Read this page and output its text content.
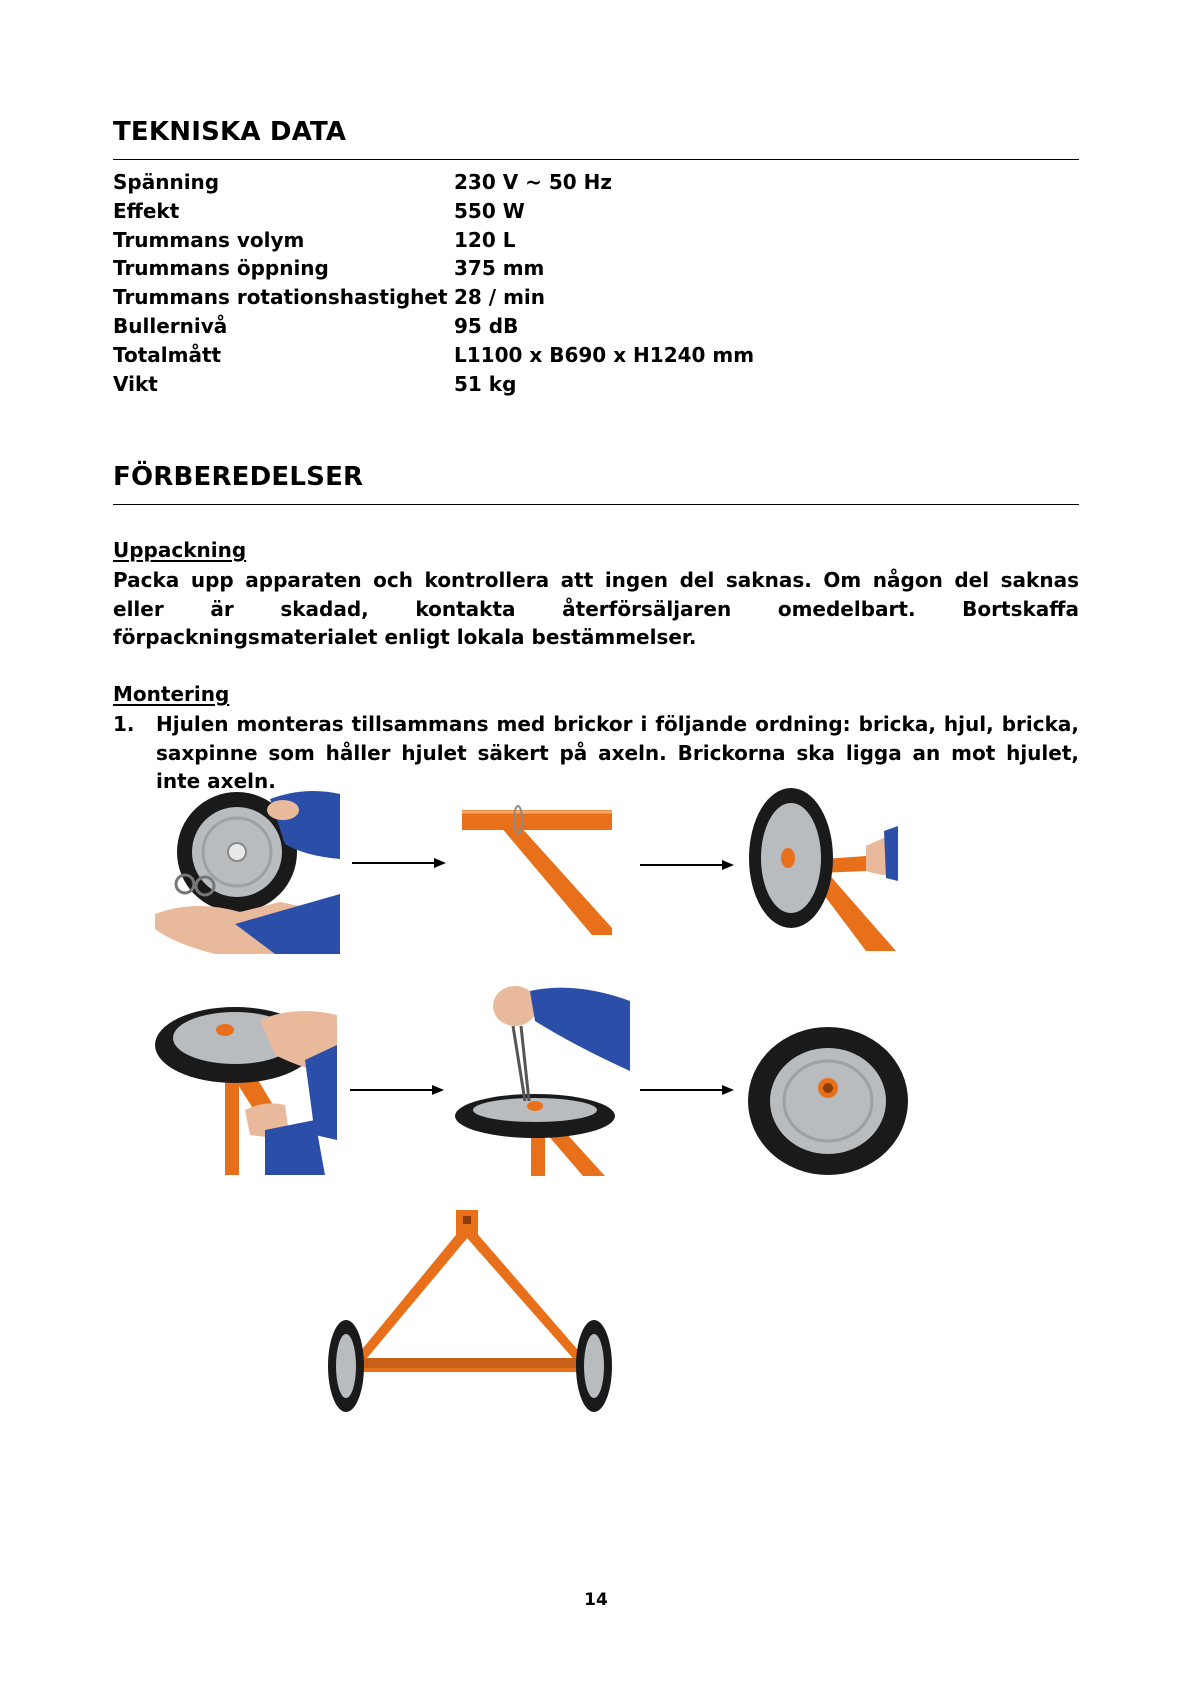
TEKNISKA DATA
Spänning	230 V ~ 50 Hz
Effekt	550 W
Trummans volym	120 L
Trummans öppning	375 mm
Trummans rotationshastighet 28 / min
Bullernivå	95 dB
Totalmått	L1100 x B690 x H1240 mm
Vikt	51 kg
FÖRBEREDELSER
Uppackning

Packa upp apparaten och kontrollera att ingen del saknas. Om någon del saknas eller är skadad, kontakta återförsäljaren omedelbart. Bortskaffa förpackningsmaterialet enligt lokala bestämmelser.

Montering
1. Hjulen monteras tillsammans med brickor i följande ordning: bricka, hjul, bricka, saxpinne som håller hjulet säkert på axeln. Brickorna ska ligga an mot hjulet, inte axeln.
14
